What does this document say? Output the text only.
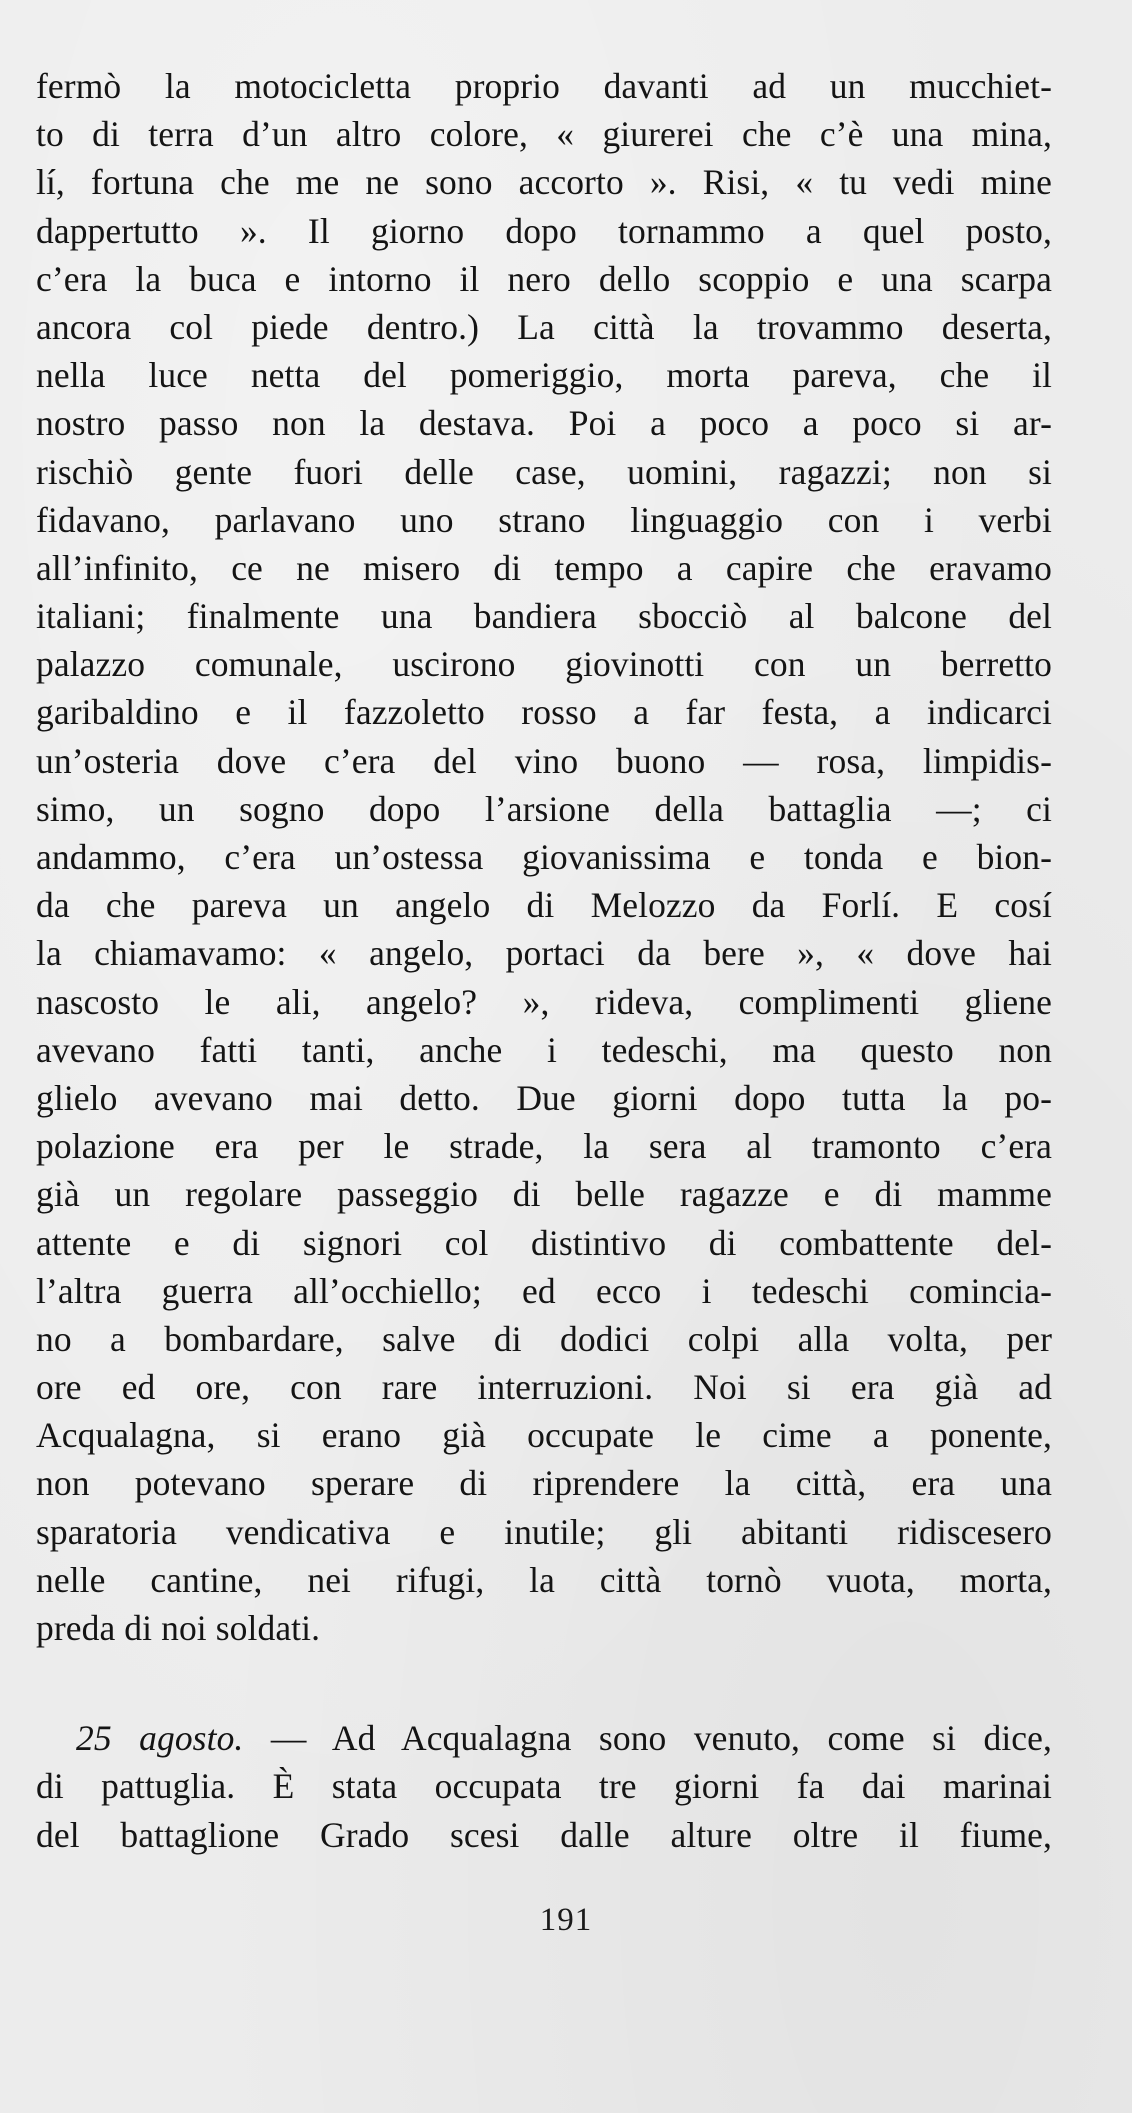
fermò la motocicletta proprio davanti ad un mucchiet-
to di terra d’un altro colore, « giurerei che c’è una mina,
lí, fortuna che me ne sono accorto ». Risi, « tu vedi mine
dappertutto ». Il giorno dopo tornammo a quel posto,
c’era la buca e intorno il nero dello scoppio e una scarpa
ancora col piede dentro.) La città la trovammo deserta,
nella luce netta del pomeriggio, morta pareva, che il
nostro passo non la destava. Poi a poco a poco si ar-
rischiò gente fuori delle case, uomini, ragazzi; non si
fidavano, parlavano uno strano linguaggio con i verbi
all’infinito, ce ne misero di tempo a capire che eravamo
italiani; finalmente una bandiera sbocciò al balcone del
palazzo comunale, uscirono giovinotti con un berretto
garibaldino e il fazzoletto rosso a far festa, a indicarci
un’osteria dove c’era del vino buono — rosa, limpidis-
simo, un sogno dopo l’arsione della battaglia —; ci
andammo, c’era un’ostessa giovanissima e tonda e bion-
da che pareva un angelo di Melozzo da Forlí. E cosí
la chiamavamo: « angelo, portaci da bere », « dove hai
nascosto le ali, angelo? », rideva, complimenti gliene
avevano fatti tanti, anche i tedeschi, ma questo non
glielo avevano mai detto. Due giorni dopo tutta la po-
polazione era per le strade, la sera al tramonto c’era
già un regolare passeggio di belle ragazze e di mamme
attente e di signori col distintivo di combattente del-
l’altra guerra all’occhiello; ed ecco i tedeschi comincia-
no a bombardare, salve di dodici colpi alla volta, per
ore ed ore, con rare interruzioni. Noi si era già ad
Acqualagna, si erano già occupate le cime a ponente,
non potevano sperare di riprendere la città, era una
sparatoria vendicativa e inutile; gli abitanti ridiscesero
nelle cantine, nei rifugi, la città tornò vuota, morta,
preda di noi soldati.
25 agosto. — Ad Acqualagna sono venuto, come si dice,
di pattuglia. È stata occupata tre giorni fa dai marinai
del battaglione Grado scesi dalle alture oltre il fiume,
191
